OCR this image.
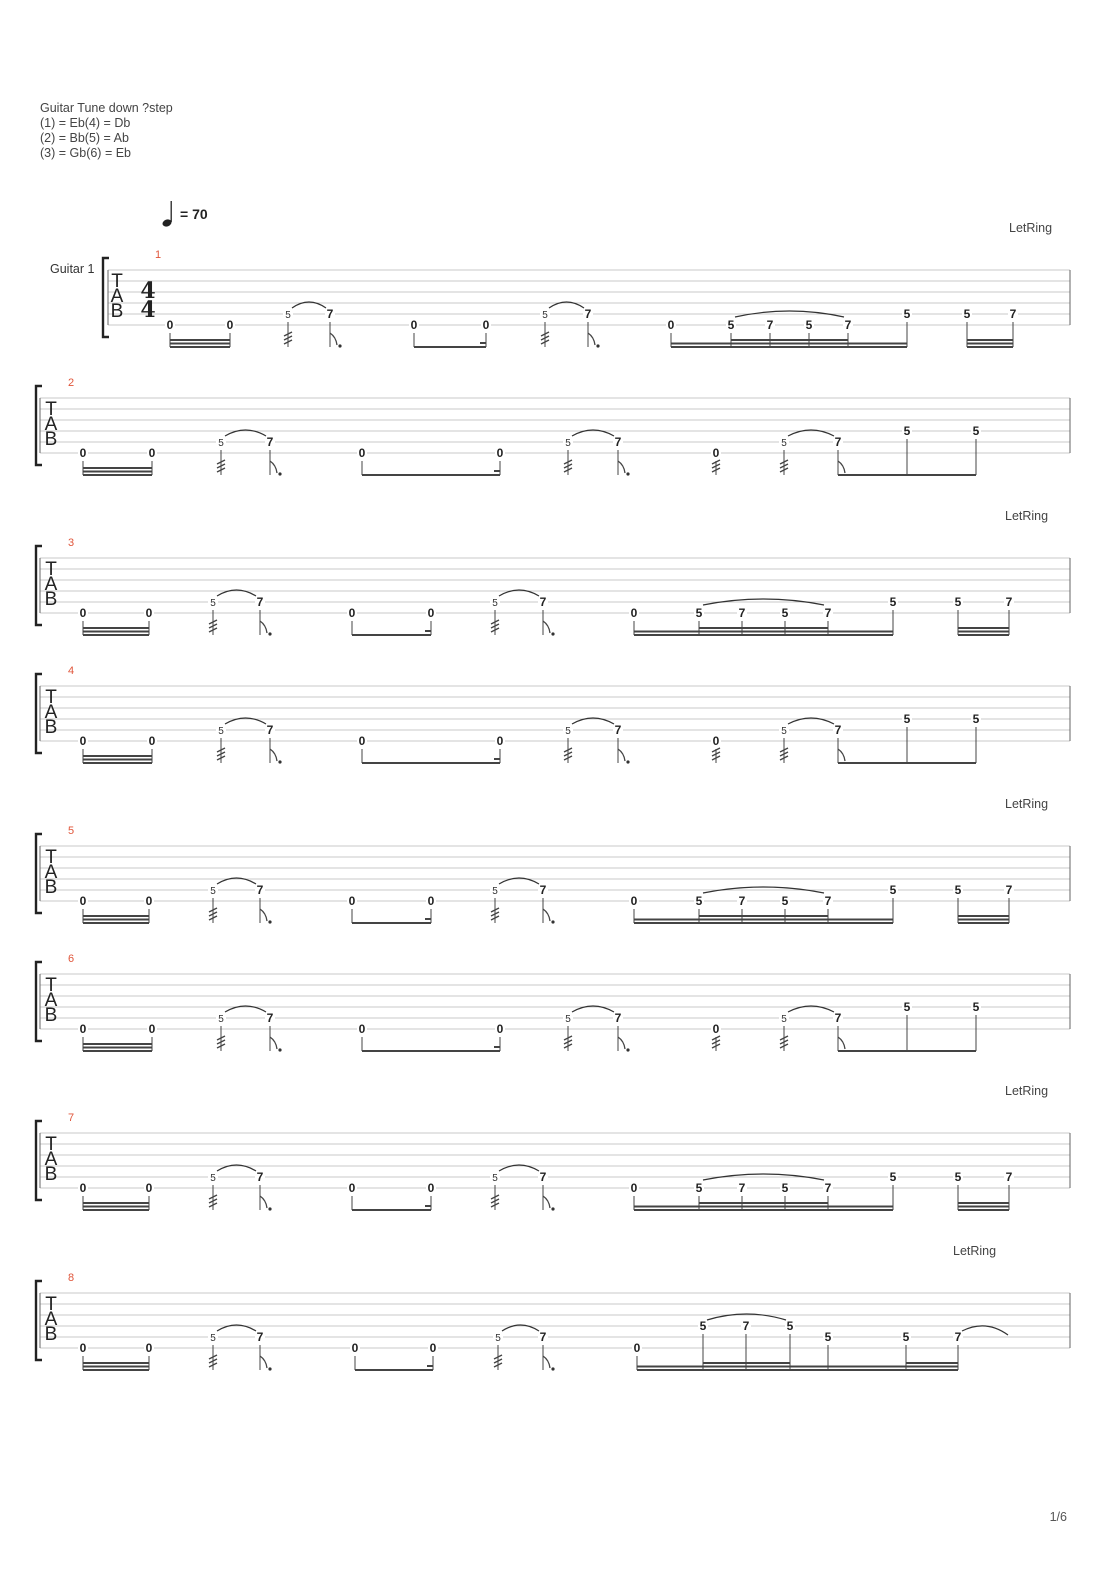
Guitar Tune down ?step
(1) = Eb(4) = Db
(2) = Bb(5) = Ab
(3) = Gb(6) = Eb
= 70
Guitar 1
1/6
T
A
B
4
4
1
LetRing
0	0
5	7
0	0
5	7
0	5	7	5	7
5	5	7
T
A
B
2
0	0
5	7
0	0
5	7
0
5	7
5	5
T
A
B
3
LetRing
0	0
5	7
0	0
5	7
0	5	7	5	7
5	5	7
T
A
B
4
0	0
5	7
0	0
5	7
0
5	7
5	5
T
A
B
5
LetRing
0	0
5	7
0	0
5	7
0	5	7	5	7
5	5	7
T
A
B
6
0	0
5	7
0	0
5	7
0
5	7
5	5
T
A
B
7
LetRing
0	0
5	7
0	0
5	7
0	5	7	5	7
5	5	7
T
A
B
8
LetRing
0	0
5	7
0	0
5	7
0
5	7	5
5	5	7
